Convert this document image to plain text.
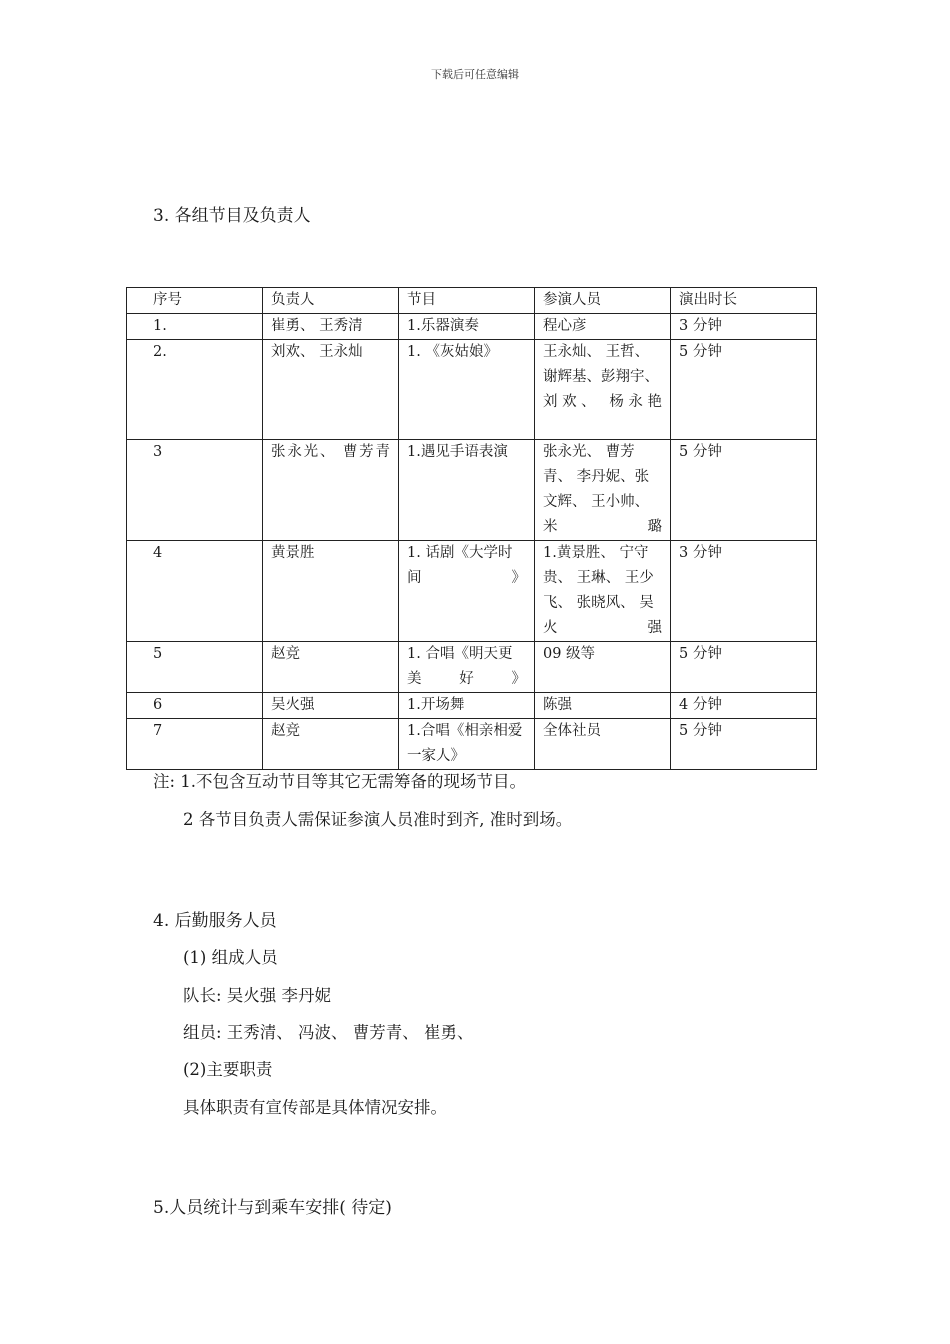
下载后可任意编辑
3. 各组节目及负责人
序号	负责人	节目	参演人员	演出时长
1.	崔勇、 王秀清	1.乐器演奏	程心彦	3 分钟
2.	刘欢、 王永灿	1. 《灰姑娘》	王永灿、 王哲、 谢辉基、彭翔宇、 刘欢、 杨永艳	5 分钟
3	张永光、 曹芳青	1.遇见手语表演	张永光、 曹芳青、 李丹妮、张文辉、 王小帅、 米璐	5 分钟
4	黄景胜	1. 话剧《大学时间》	1.黄景胜、 宁守贵、 王琳、 王少飞、 张晓风、 吴火强	3 分钟
5	赵竞	1. 合唱《明天更美好》	09 级等	5 分钟
6	吴火强	1.开场舞	陈强	4 分钟
7	赵竞	1.合唱《相亲相爱一家人》	全体社员	5 分钟
注: 1.不包含互动节目等其它无需筹备的现场节目。
2 各节目负责人需保证参演人员准时到齐, 准时到场。
4. 后勤服务人员
(1) 组成人员
队长: 吴火强 李丹妮
组员: 王秀清、 冯波、 曹芳青、 崔勇、
(2)主要职责
具体职责有宣传部是具体情况安排。
5.人员统计与到乘车安排( 待定)
